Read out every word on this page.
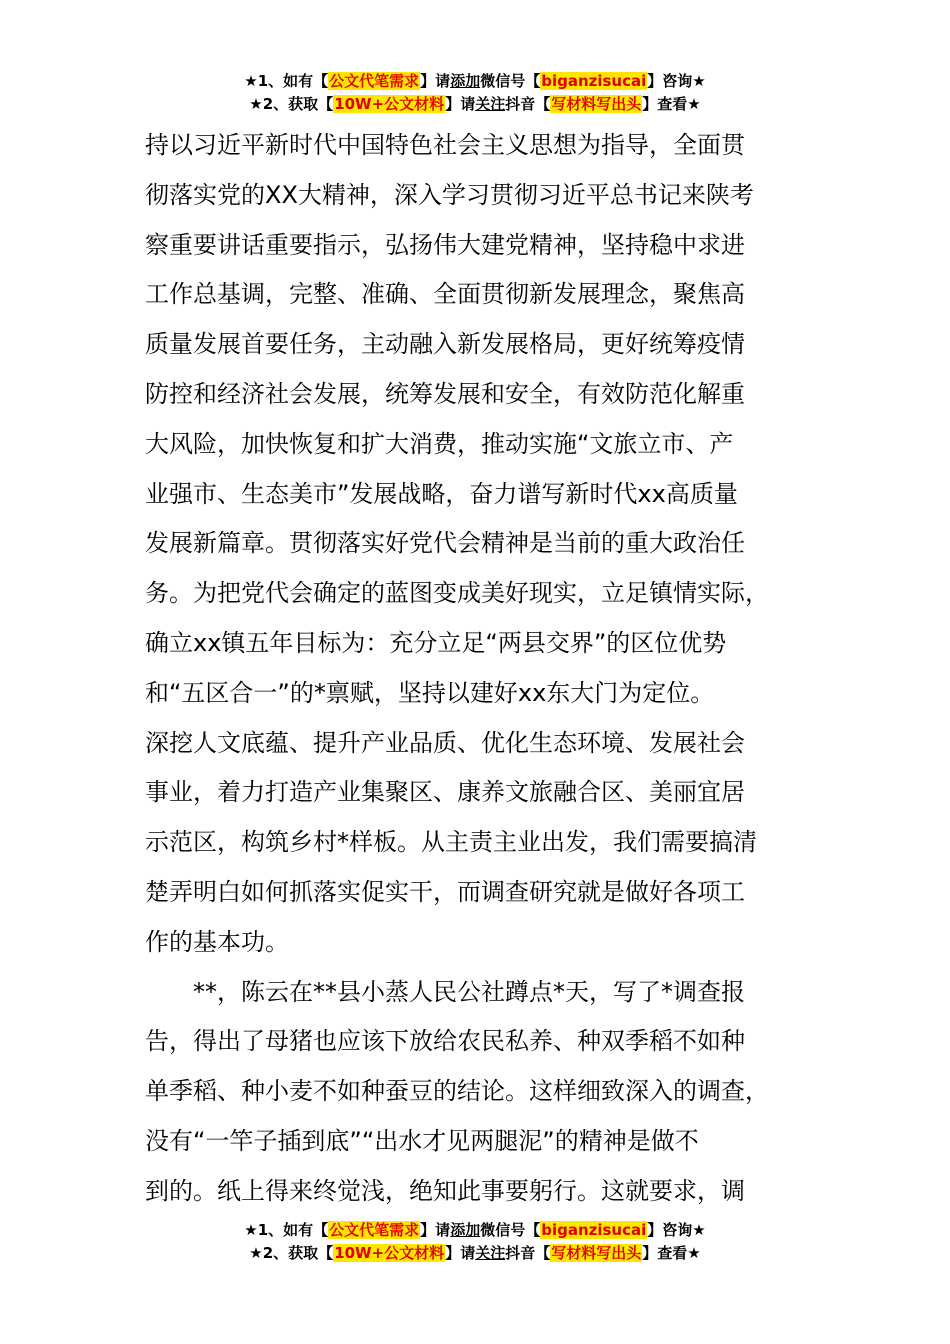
★1、如有【公文代笔需求】请添加微信号【biganzisucai】咨询★
★2、获取【10W+公文材料】请关注抖音【写材料写出头】查看★

持以习近平新时代中国特色社会主义思想为指导，全面贯
彻落实党的XX大精神，深入学习贯彻习近平总书记来陕考
察重要讲话重要指示，弘扬伟大建党精神，坚持稳中求进
工作总基调，完整、准确、全面贯彻新发展理念，聚焦高
质量发展首要任务，主动融入新发展格局，更好统筹疫情
防控和经济社会发展，统筹发展和安全，有效防范化解重
大风险，加快恢复和扩大消费，推动实施“文旅立市、产
业强市、生态美市”发展战略，奋力谱写新时代xx高质量
发展新篇章。贯彻落实好党代会精神是当前的重大政治任
务。为把党代会确定的蓝图变成美好现实，立足镇情实际，
确立xx镇五年目标为：充分立足“两县交界”的区位优势
和“五区合一”的*禀赋，坚持以建好xx东大门为定位。
深挖人文底蕴、提升产业品质、优化生态环境、发展社会
事业，着力打造产业集聚区、康养文旅融合区、美丽宜居
示范区，构筑乡村*样板。从主责主业出发，我们需要搞清
楚弄明白如何抓落实促实干，而调查研究就是做好各项工
作的基本功。

**，陈云在**县小蒸人民公社蹲点*天，写了*调查报
告，得出了母猪也应该下放给农民私养、种双季稻不如种
单季稻、种小麦不如种蚕豆的结论。这样细致深入的调查，
没有“一竿子插到底”“出水才见两腿泥”的精神是做不
到的。纸上得来终觉浅，绝知此事要躬行。这就要求，调

★1、如有【公文代笔需求】请添加微信号【biganzisucai】咨询★
★2、获取【10W+公文材料】请关注抖音【写材料写出头】查看★
